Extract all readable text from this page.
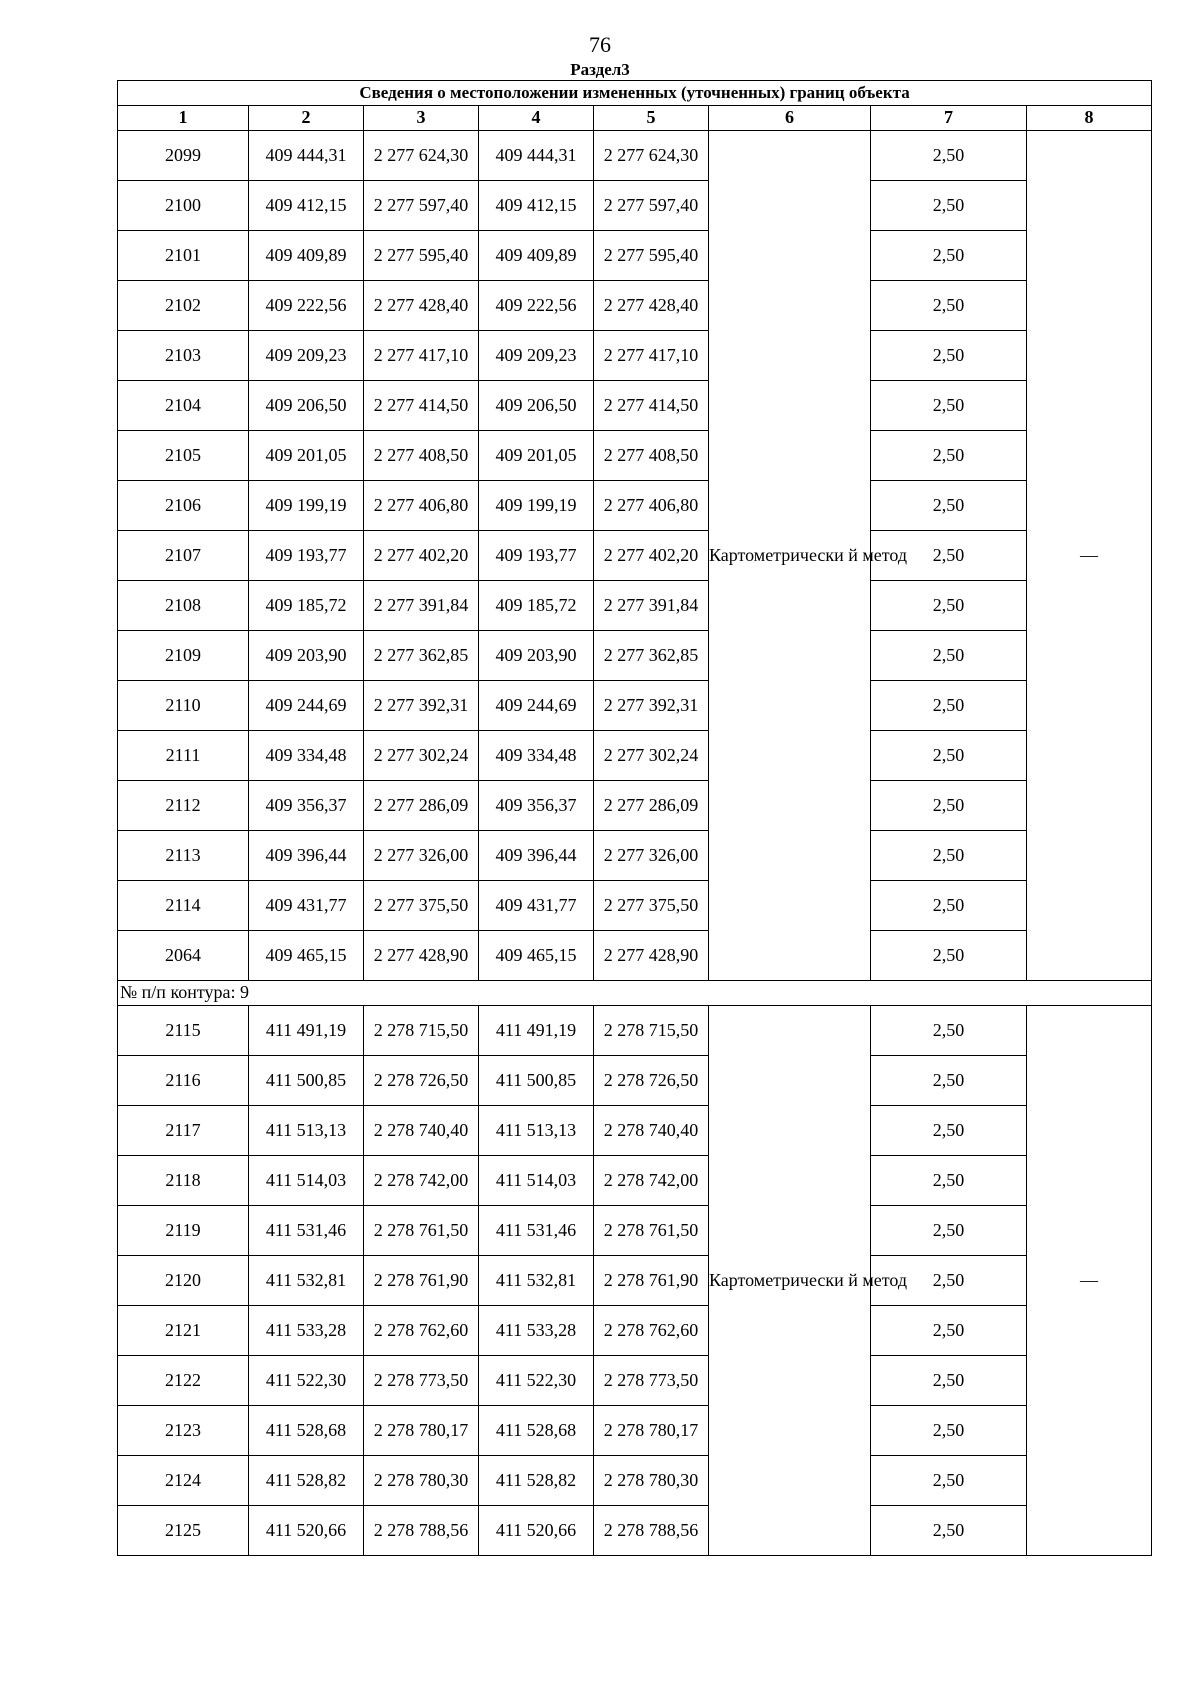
76
Раздел3
Сведения о местоположении измененных (уточненных) границ объекта							
1	2	3	4	5	6	7	8
2099	409 444,31	2 277 624,30	409 444,31	2 277 624,30	Картометрически й метод	2,50	—
2100	409 412,15	2 277 597,40	409 412,15	2 277 597,40		2,50	
2101	409 409,89	2 277 595,40	409 409,89	2 277 595,40		2,50	
2102	409 222,56	2 277 428,40	409 222,56	2 277 428,40		2,50	
2103	409 209,23	2 277 417,10	409 209,23	2 277 417,10		2,50	
2104	409 206,50	2 277 414,50	409 206,50	2 277 414,50		2,50	
2105	409 201,05	2 277 408,50	409 201,05	2 277 408,50		2,50	
2106	409 199,19	2 277 406,80	409 199,19	2 277 406,80		2,50	
2107	409 193,77	2 277 402,20	409 193,77	2 277 402,20		2,50	
2108	409 185,72	2 277 391,84	409 185,72	2 277 391,84		2,50	
2109	409 203,90	2 277 362,85	409 203,90	2 277 362,85		2,50	
2110	409 244,69	2 277 392,31	409 244,69	2 277 392,31		2,50	
2111	409 334,48	2 277 302,24	409 334,48	2 277 302,24		2,50	
2112	409 356,37	2 277 286,09	409 356,37	2 277 286,09		2,50	
2113	409 396,44	2 277 326,00	409 396,44	2 277 326,00		2,50	
2114	409 431,77	2 277 375,50	409 431,77	2 277 375,50		2,50	
2064	409 465,15	2 277 428,90	409 465,15	2 277 428,90		2,50	
№ п/п контура: 9							
2115	411 491,19	2 278 715,50	411 491,19	2 278 715,50	Картометрически й метод	2,50	—
2116	411 500,85	2 278 726,50	411 500,85	2 278 726,50		2,50	
2117	411 513,13	2 278 740,40	411 513,13	2 278 740,40		2,50	
2118	411 514,03	2 278 742,00	411 514,03	2 278 742,00		2,50	
2119	411 531,46	2 278 761,50	411 531,46	2 278 761,50		2,50	
2120	411 532,81	2 278 761,90	411 532,81	2 278 761,90		2,50	
2121	411 533,28	2 278 762,60	411 533,28	2 278 762,60		2,50	
2122	411 522,30	2 278 773,50	411 522,30	2 278 773,50		2,50	
2123	411 528,68	2 278 780,17	411 528,68	2 278 780,17		2,50	
2124	411 528,82	2 278 780,30	411 528,82	2 278 780,30		2,50	
2125	411 520,66	2 278 788,56	411 520,66	2 278 788,56		2,50	
